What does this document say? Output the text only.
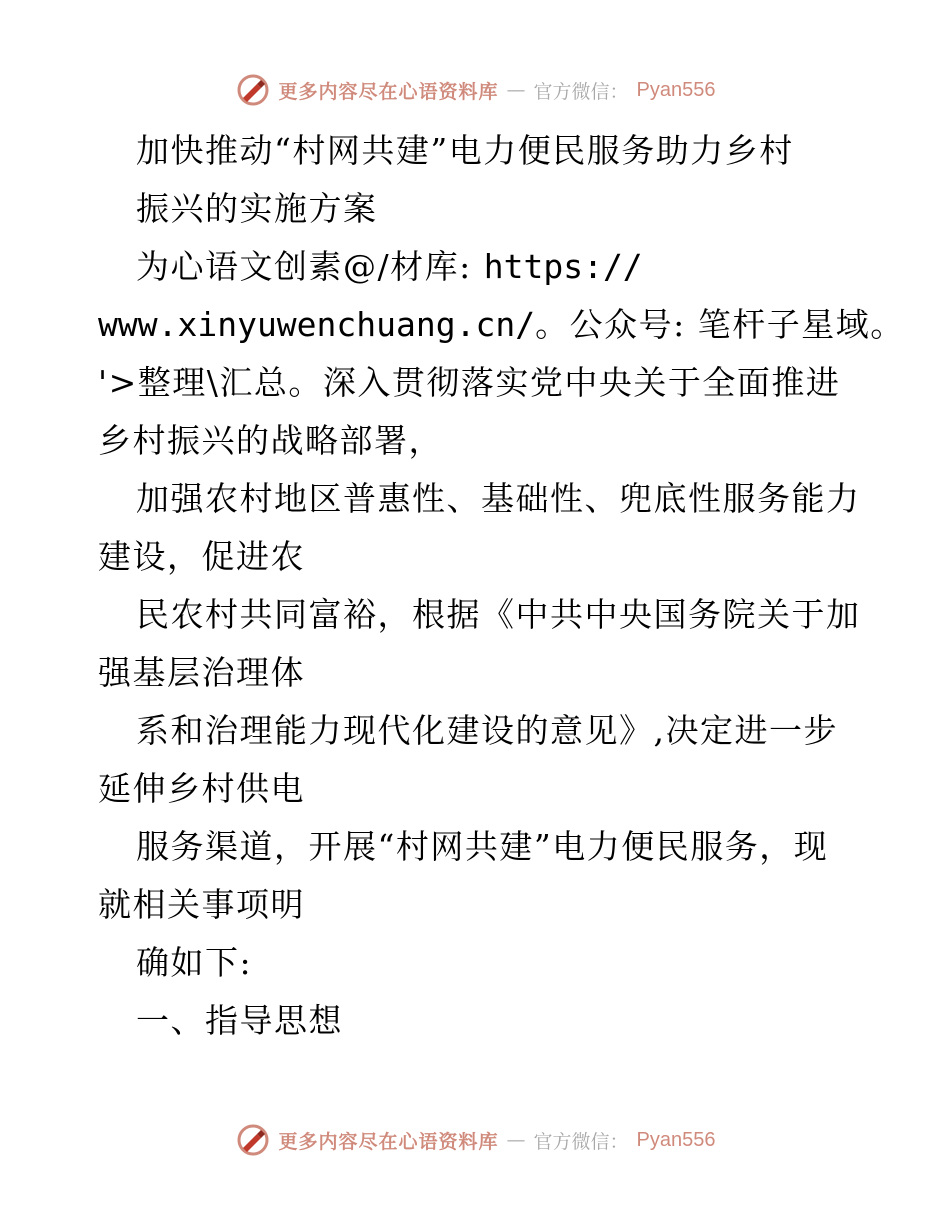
更多内容尽在心语资料库 — 官方微信： Pyan556
加快推动“村网共建”电力便民服务助力乡村
振兴的实施方案
为心语文创素@/材库: https://
www.xinyuwenchuang.cn/。公众号: 笔杆子星域。
'>整理\汇总。深入贯彻落实党中央关于全面推进
乡村振兴的战略部署，
加强农村地区普惠性、基础性、兜底性服务能力
建设，促进农
民农村共同富裕，根据《中共中央国务院关于加
强基层治理体
系和治理能力现代化建设的意见》,决定进一步
延伸乡村供电
服务渠道，开展“村网共建”电力便民服务，现
就相关事项明
确如下:
一、指导思想
更多内容尽在心语资料库 — 官方微信： Pyan556
